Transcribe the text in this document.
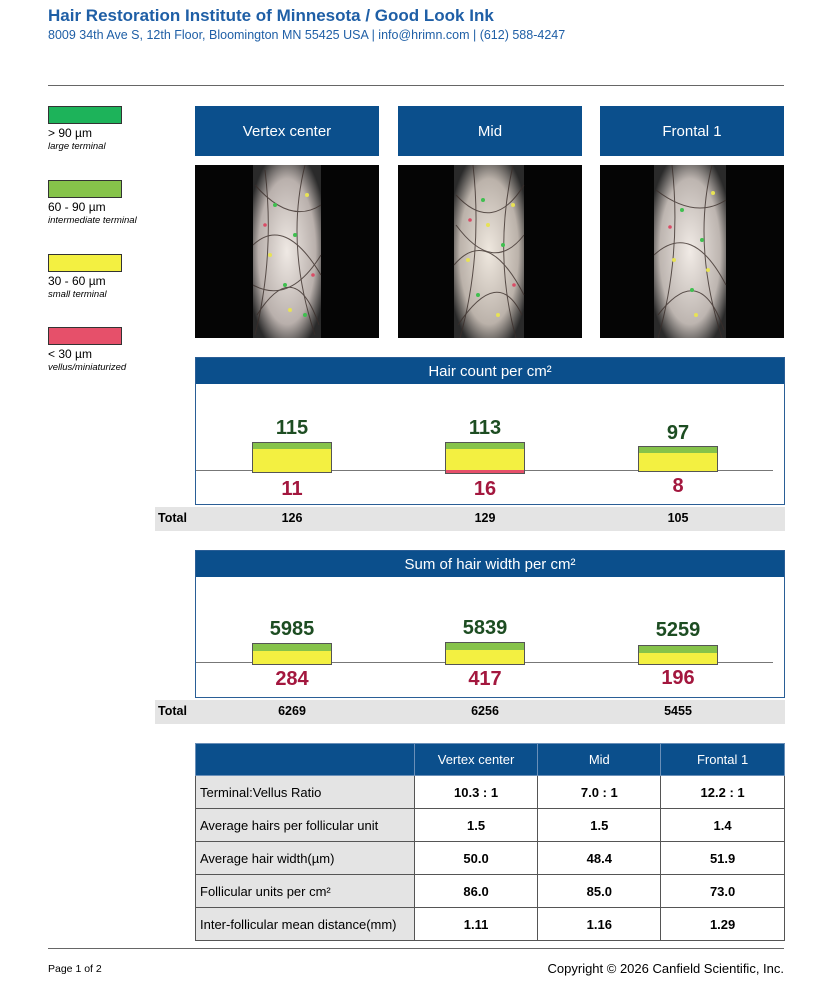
Hair Restoration Institute of Minnesota / Good Look Ink
8009 34th Ave S, 12th Floor, Bloomington MN 55425 USA | info@hrimn.com | (612) 588-4247
> 90 µm
large terminal
60 - 90 µm
intermediate terminal
30 - 60 µm
small terminal
< 30 µm
vellus/miniaturized
Vertex center	Mid	Frontal 1
Hair count per cm²
115
11
113
16
97
8
Total	126	129	105
Sum of hair width per cm²
5985
284
5839
417
5259
196
Total	6269	6256	5455
	Vertex center	Mid	Frontal 1
Terminal:Vellus Ratio	10.3 : 1	7.0 : 1	12.2 : 1
Average hairs per follicular unit	1.5	1.5	1.4
Average hair width(µm)	50.0	48.4	51.9
Follicular units per cm²	86.0	85.0	73.0
Inter-follicular mean distance(mm)	1.11	1.16	1.29
Page 1 of 2	Copyright © 2026 Canfield Scientific, Inc.
